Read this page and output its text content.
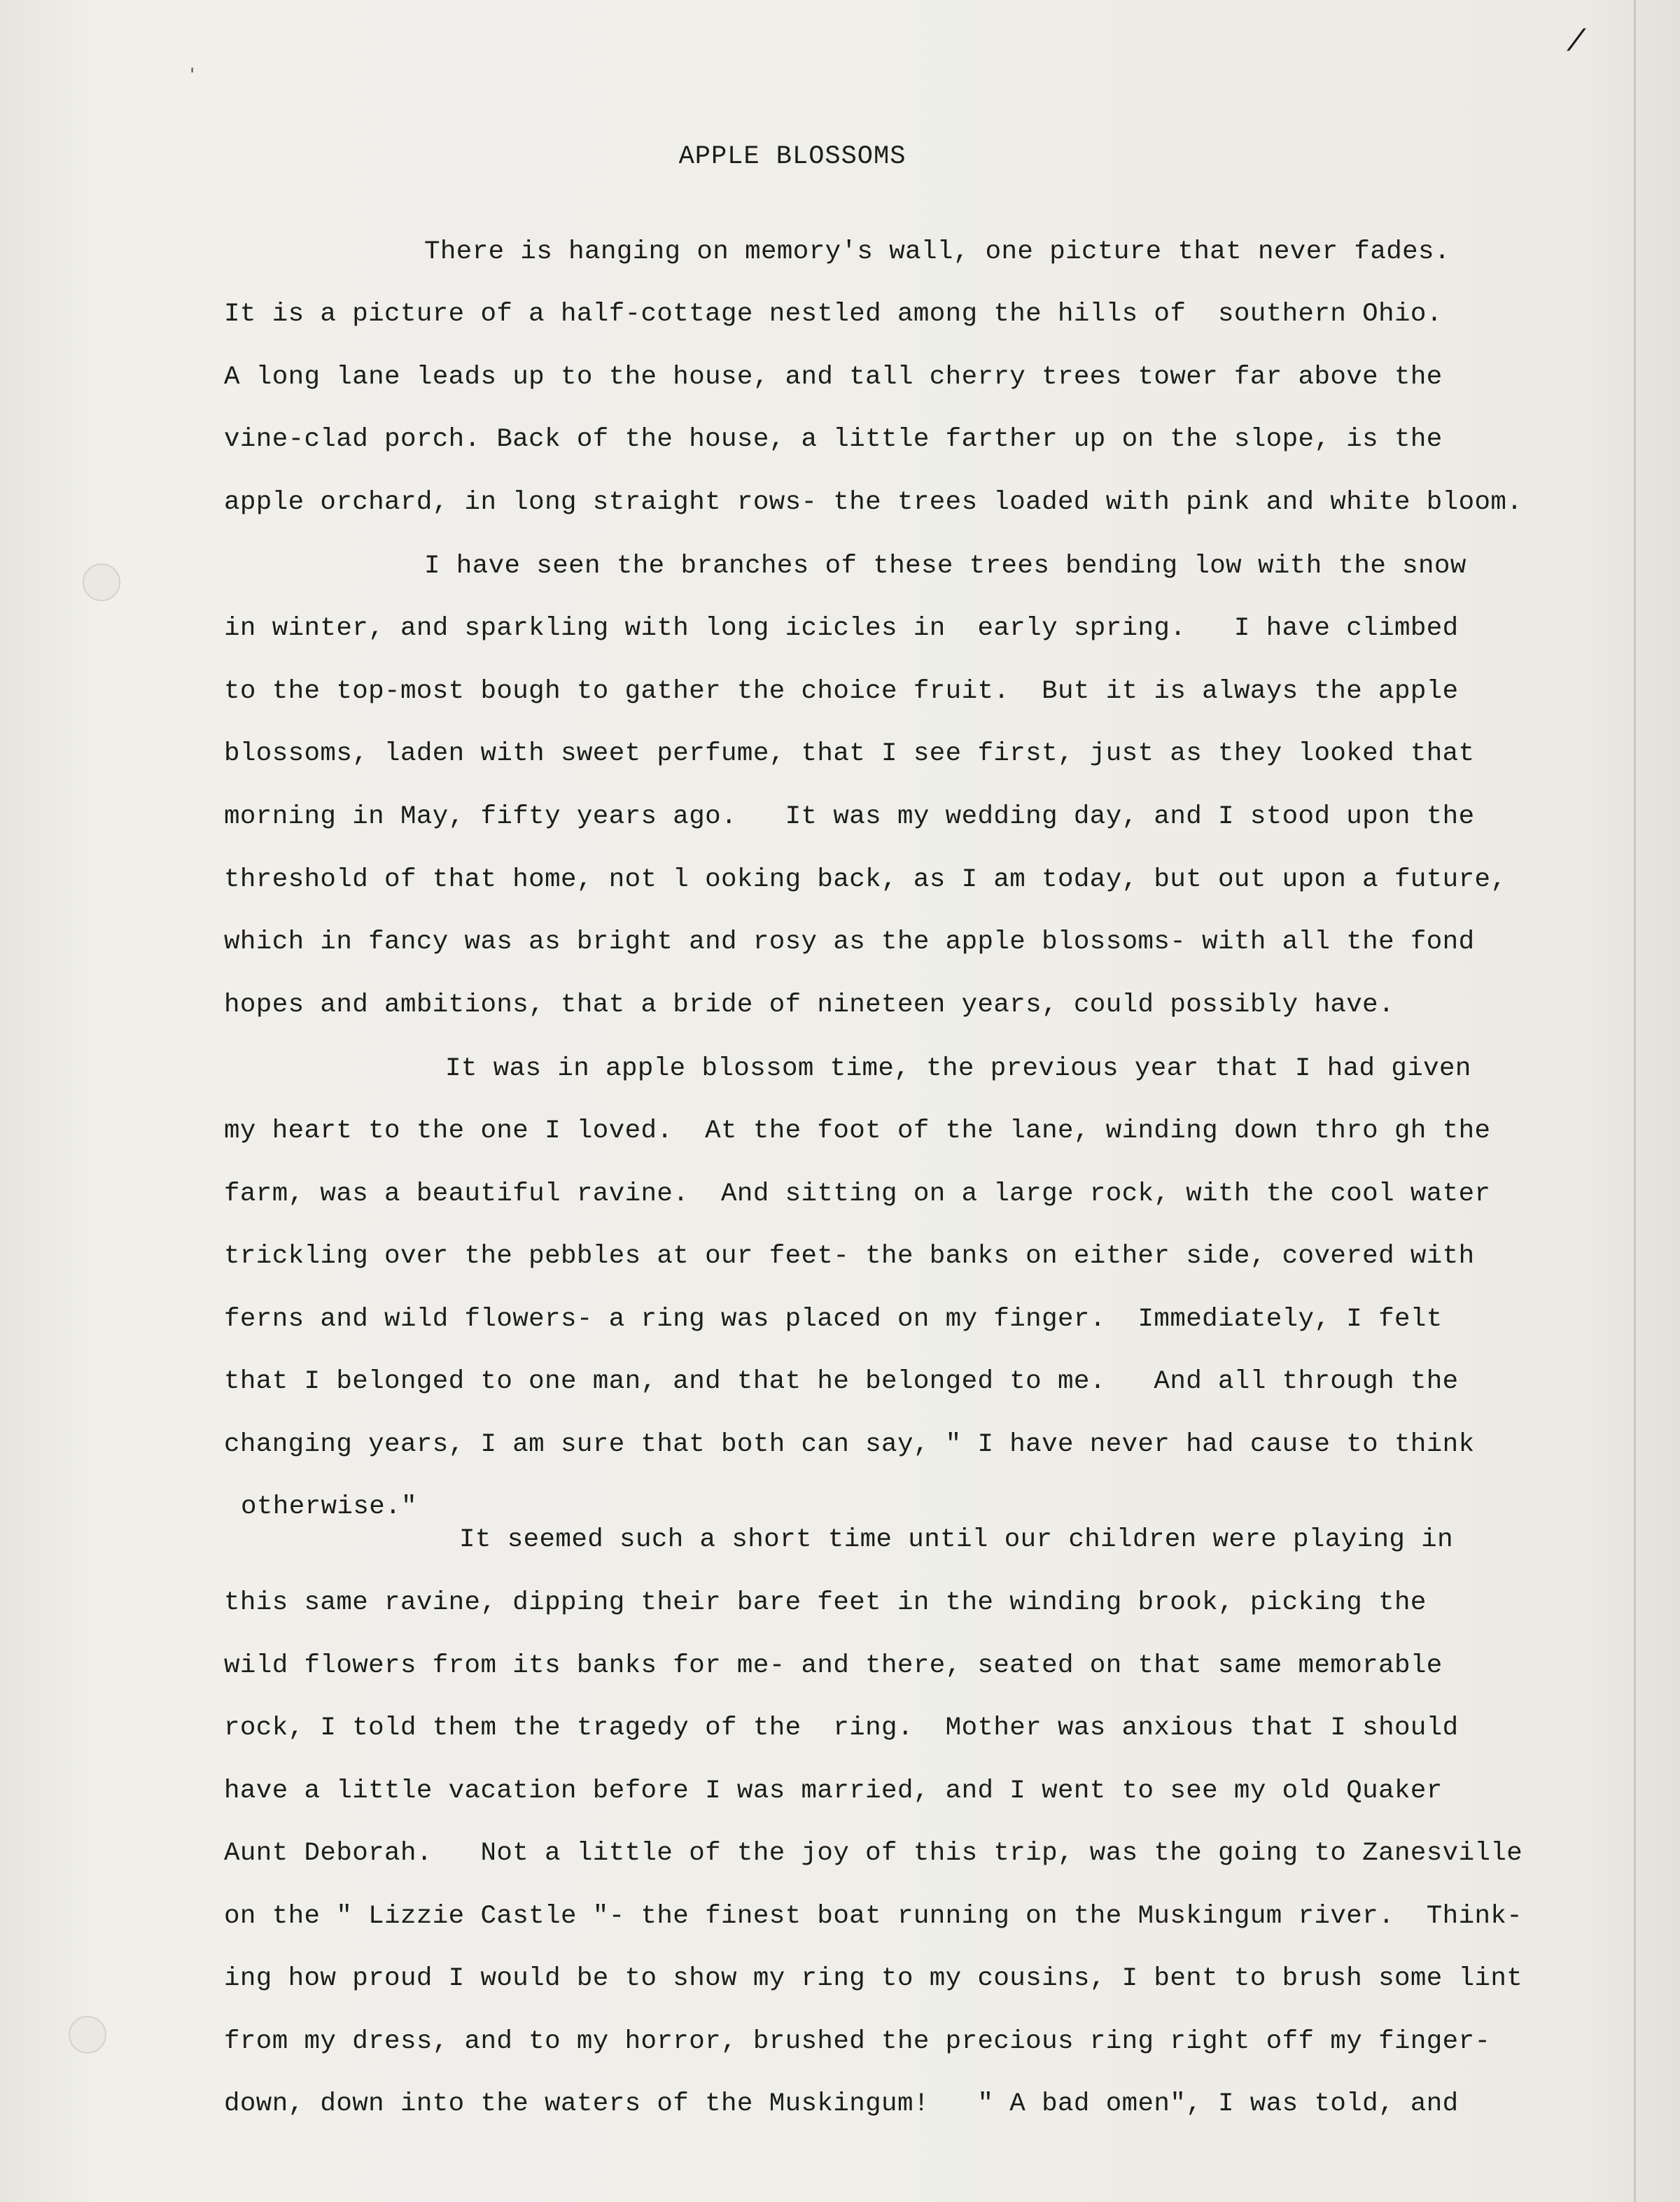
ˈ
/
APPLE BLOSSOMS
There is hanging on memory's wall, one picture that never fades.
It is a picture of a half-cottage nestled among the hills of  southern Ohio.
A long lane leads up to the house, and tall cherry trees tower far above the
vine-clad porch. Back of the house, a little farther up on the slope, is the
apple orchard, in long straight rows- the trees loaded with pink and white bloom.
I have seen the branches of these trees bending low with the snow
in winter, and sparkling with long icicles in  early spring.   I have climbed
to the top-most bough to gather the choice fruit.  But it is always the apple
blossoms, laden with sweet perfume, that I see first, just as they looked that
morning in May, fifty years ago.   It was my wedding day, and I stood upon the
threshold of that home, not l ooking back, as I am today, but out upon a future,
which in fancy was as bright and rosy as the apple blossoms- with all the fond
hopes and ambitions, that a bride of nineteen years, could possibly have.
It was in apple blossom time, the previous year that I had given
my heart to the one I loved.  At the foot of the lane, winding down thro gh the
farm, was a beautiful ravine.  And sitting on a large rock, with the cool water
trickling over the pebbles at our feet- the banks on either side, covered with
ferns and wild flowers- a ring was placed on my finger.  Immediately, I felt
that I belonged to one man, and that he belonged to me.   And all through the
changing years, I am sure that both can say, " I have never had cause to think
otherwise."
It seemed such a short time until our children were playing in
this same ravine, dipping their bare feet in the winding brook, picking the
wild flowers from its banks for me- and there, seated on that same memorable
rock, I told them the tragedy of the  ring.  Mother was anxious that I should
have a little vacation before I was married, and I went to see my old Quaker
Aunt Deborah.   Not a little of the joy of this trip, was the going to Zanesville
on the " Lizzie Castle "- the finest boat running on the Muskingum river.  Think-
ing how proud I would be to show my ring to my cousins, I bent to brush some lint
from my dress, and to my horror, brushed the precious ring right off my finger-
down, down into the waters of the Muskingum!   " A bad omen", I was told, and
